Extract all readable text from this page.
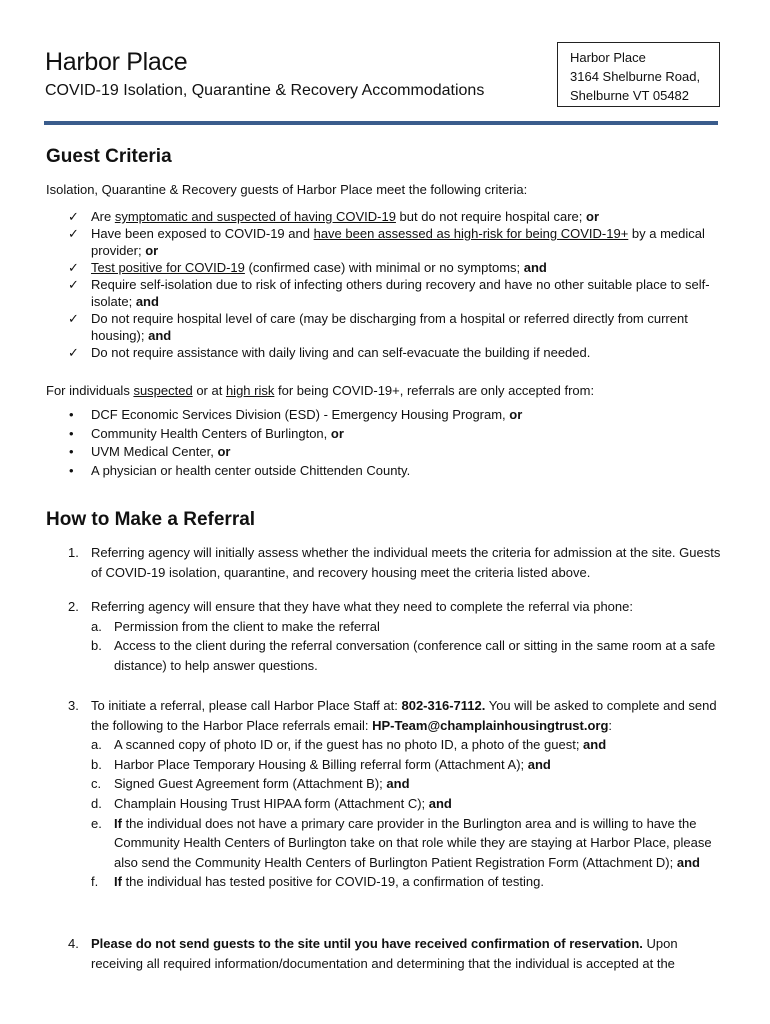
Harbor Place
COVID-19 Isolation, Quarantine & Recovery Accommodations
Harbor Place
3164 Shelburne Road,
Shelburne VT 05482
Guest Criteria
Isolation, Quarantine & Recovery guests of Harbor Place meet the following criteria:
✓ Are symptomatic and suspected of having COVID-19 but do not require hospital care; or
✓ Have been exposed to COVID-19 and have been assessed as high-risk for being COVID-19+ by a medical provider; or
✓ Test positive for COVID-19 (confirmed case) with minimal or no symptoms; and
✓ Require self-isolation due to risk of infecting others during recovery and have no other suitable place to self-isolate; and
✓ Do not require hospital level of care (may be discharging from a hospital or referred directly from current housing); and
✓ Do not require assistance with daily living and can self-evacuate the building if needed.
For individuals suspected or at high risk for being COVID-19+, referrals are only accepted from:
• DCF Economic Services Division (ESD) - Emergency Housing Program, or
• Community Health Centers of Burlington, or
• UVM Medical Center, or
• A physician or health center outside Chittenden County.
How to Make a Referral
1. Referring agency will initially assess whether the individual meets the criteria for admission at the site. Guests of COVID-19 isolation, quarantine, and recovery housing meet the criteria listed above.
2. Referring agency will ensure that they have what they need to complete the referral via phone:
a. Permission from the client to make the referral
b. Access to the client during the referral conversation (conference call or sitting in the same room at a safe distance) to help answer questions.
3. To initiate a referral, please call Harbor Place Staff at: 802-316-7112. You will be asked to complete and send the following to the Harbor Place referrals email: HP-Team@champlainhousingtrust.org:
a. A scanned copy of photo ID or, if the guest has no photo ID, a photo of the guest; and
b. Harbor Place Temporary Housing & Billing referral form (Attachment A); and
c. Signed Guest Agreement form (Attachment B); and
d. Champlain Housing Trust HIPAA form (Attachment C); and
e. If the individual does not have a primary care provider in the Burlington area and is willing to have the Community Health Centers of Burlington take on that role while they are staying at Harbor Place, please also send the Community Health Centers of Burlington Patient Registration Form (Attachment D); and
f. If the individual has tested positive for COVID-19, a confirmation of testing.
4. Please do not send guests to the site until you have received confirmation of reservation. Upon receiving all required information/documentation and determining that the individual is accepted at the
